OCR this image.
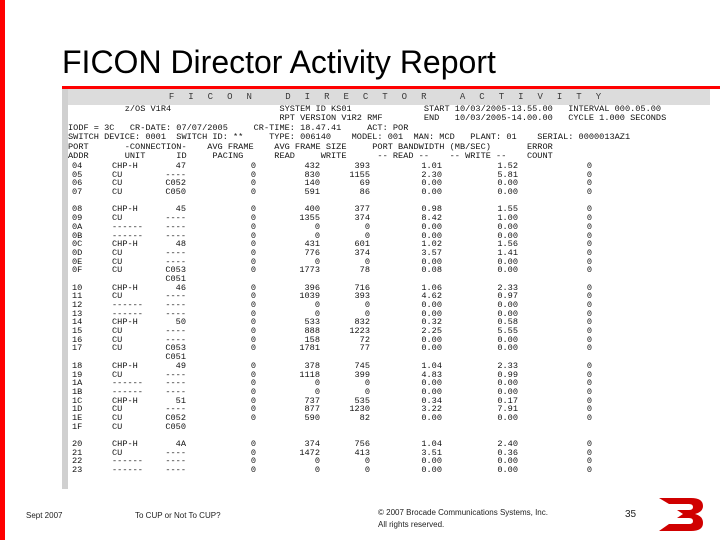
FICON Director Activity Report
FICON DIRECTOR ACTIVITY
z/OS V1R4                     SYSTEM ID KS01              START 10/03/2005-13.55.00   INTERVAL 000.05.00
RPT VERSION V1R2 RMF        END   10/03/2005-14.00.00   CYCLE 1.000 SECONDS
IODF = 3C   CR-DATE: 07/07/2005     CR-TIME: 18.47.41     ACT: POR
SWITCH DEVICE: 0001  SWITCH ID: **     TYPE: 006140    MODEL: 001  MAN: MCD   PLANT: 01    SERIAL: 0000013AZ1
PORT       -CONNECTION-    AVG FRAME    AVG FRAME SIZE     PORT BANDWIDTH (MB/SEC)       ERROR
ADDR       UNIT      ID     PACING      READ     WRITE      -- READ --    -- WRITE --    COUNT
04	CHP-H	47	0	432	393	1.01	1.52	0
05	CU	----	0	830	1155	2.30	5.81	0
06	CU	C052	0	140	69	0.00	0.00	0
07	CU	C050	0	591	86	0.00	0.00	0
08	CHP-H	45	0	400	377	0.98	1.55	0
09	CU	----	0	1355	374	8.42	1.00	0
0A	------	----	0	0	0	0.00	0.00	0
0B	------	----	0	0	0	0.00	0.00	0
0C	CHP-H	48	0	431	601	1.02	1.56	0
0D	CU	----	0	776	374	3.57	1.41	0
0E	CU	----	0	0	0	0.00	0.00	0
0F	CU	C053	0	1773	78	0.08	0.00	0
C051
10	CHP-H	46	0	396	716	1.06	2.33	0
11	CU	----	0	1039	393	4.62	0.97	0
12	------	----	0	0	0	0.00	0.00	0
13	------	----	0	0	0	0.00	0.00	0
14	CHP-H	50	0	533	832	0.32	0.58	0
15	CU	----	0	888	1223	2.25	5.55	0
16	CU	----	0	158	72	0.00	0.00	0
17	CU	C053	0	1781	77	0.00	0.00	0
C051
18	CHP-H	49	0	378	745	1.04	2.33	0
19	CU	----	0	1118	399	4.83	0.99	0
1A	------	----	0	0	0	0.00	0.00	0
1B	------	----	0	0	0	0.00	0.00	0
1C	CHP-H	51	0	737	535	0.34	0.17	0
1D	CU	----	0	877	1230	3.22	7.91	0
1E	CU	C052	0	590	82	0.00	0.00	0
1F	CU	C050
20	CHP-H	4A	0	374	756	1.04	2.40	0
21	CU	----	0	1472	413	3.51	0.36	0
22	------	----	0	0	0	0.00	0.00	0
23	------	----	0	0	0	0.00	0.00	0
Sept 2007	To CUP or Not To CUP?	© 2007 Brocade Communications Systems, Inc.
All rights reserved.
35
